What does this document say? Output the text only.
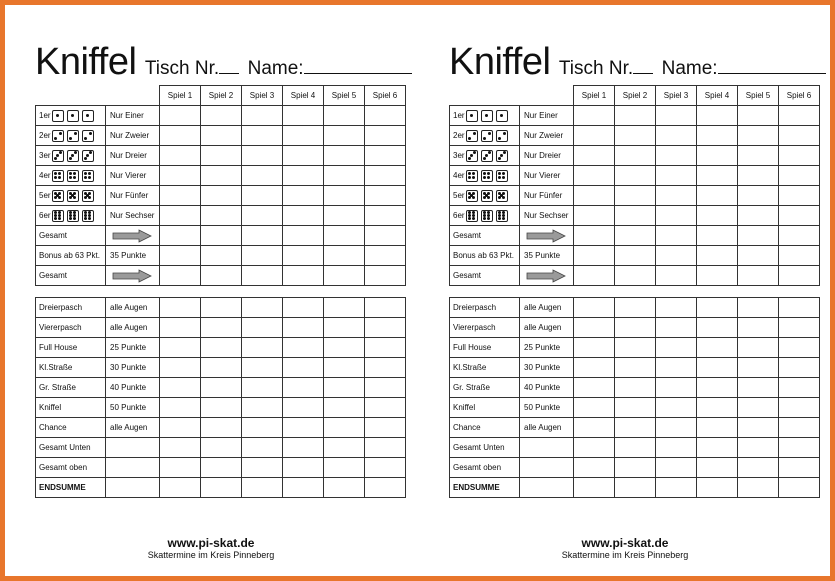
Kniffel Tisch Nr. Name:
		Spiel 1	Spiel 2	Spiel 3	Spiel 4	Spiel 5	Spiel 6
1er	Nur Einer						
2er	Nur Zweier						
3er	Nur Dreier						
4er	Nur Vierer						
5er	Nur Fünfer						
6er	Nur Sechser						
Gesamt							
Bonus ab 63 Pkt.	35 Punkte						
Gesamt							
Dreierpasch	alle Augen						
Viererpasch	alle Augen						
Full House	25 Punkte						
Kl.Straße	30 Punkte						
Gr. Straße	40 Punkte						
Kniffel	50 Punkte						
Chance	alle Augen						
Gesamt Unten							
Gesamt oben							
ENDSUMME							
www.pi-skat.de
Skattermine im Kreis Pinneberg
Kniffel Tisch Nr. Name:
		Spiel 1	Spiel 2	Spiel 3	Spiel 4	Spiel 5	Spiel 6
1er	Nur Einer						
2er	Nur Zweier						
3er	Nur Dreier						
4er	Nur Vierer						
5er	Nur Fünfer						
6er	Nur Sechser						
Gesamt							
Bonus ab 63 Pkt.	35 Punkte						
Gesamt							
Dreierpasch	alle Augen						
Viererpasch	alle Augen						
Full House	25 Punkte						
Kl.Straße	30 Punkte						
Gr. Straße	40 Punkte						
Kniffel	50 Punkte						
Chance	alle Augen						
Gesamt Unten							
Gesamt oben							
ENDSUMME							
www.pi-skat.de
Skattermine im Kreis Pinneberg
